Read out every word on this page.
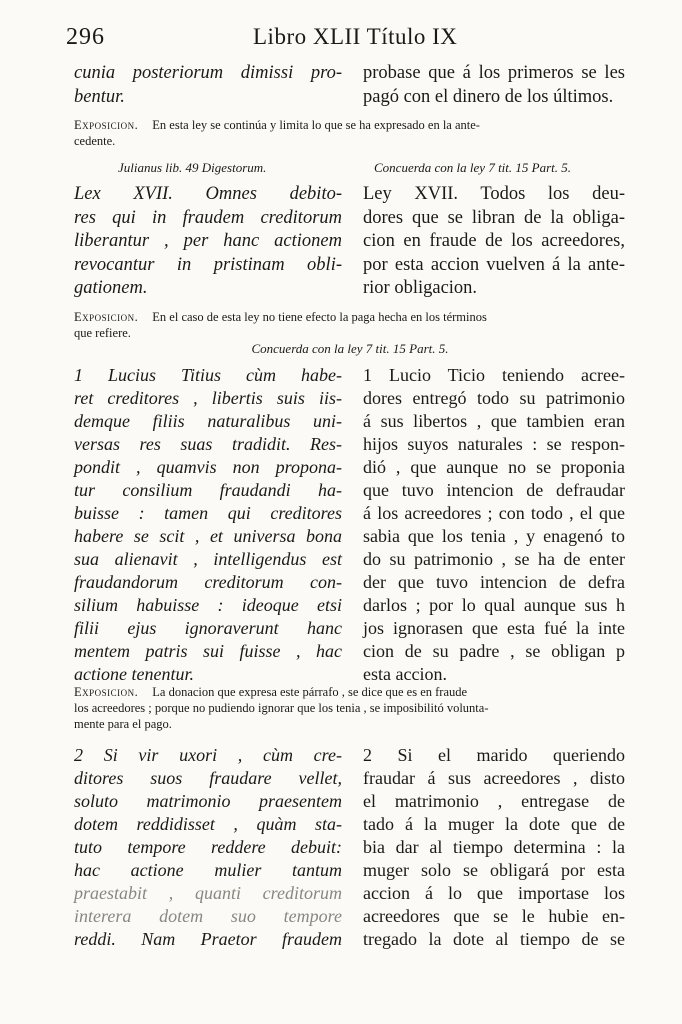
296	Libro XLII Título IX
cunia posteriorum dimissi pro-
bentur.
probase que á los primeros se les
pagó con el dinero de los últimos.
Exposicion. En esta ley se continúa y limita lo que se ha expresado en la ante-
cedente.
Julianus lib. 49 Digestorum.	Concuerda con la ley 7 tit. 15 Part. 5.
Lex XVII. Omnes debito-
res qui in fraudem creditorum
liberantur , per hanc actionem
revocantur in pristinam obli-
gationem.
Ley XVII. Todos los deu-
dores que se libran de la obliga-
cion en fraude de los acreedores,
por esta accion vuelven á la ante-
rior obligacion.
Exposicion. En el caso de esta ley no tiene efecto la paga hecha en los términos
que refiere.
Concuerda con la ley 7 tit. 15 Part. 5.
1 Lucius Titius cùm habe-
ret creditores , libertis suis iis-
demque filiis naturalibus uni-
versas res suas tradidit. Res-
pondit , quamvis non propona-
tur consilium fraudandi ha-
buisse : tamen qui creditores
habere se scit , et universa bona
sua alienavit , intelligendus est
fraudandorum creditorum con-
silium habuisse : ideoque etsi
filii ejus ignoraverunt hanc
mentem patris sui fuisse , hac
actione tenentur.
1 Lucio Ticio teniendo acree-
dores entregó todo su patrimonio
á sus libertos , que tambien eran
hijos suyos naturales : se respon-
dió , que aunque no se proponia
que tuvo intencion de defraudar
á los acreedores ; con todo , el que
sabia que los tenia , y enagenó to
do su patrimonio , se ha de enter
der que tuvo intencion de defra
darlos ; por lo qual aunque sus h
jos ignorasen que esta fué la inte
cion de su padre , se obligan p
esta accion.
Exposicion. La donacion que expresa este párrafo , se dice que es en fraude
los acreedores ; porque no pudiendo ignorar que los tenia , se imposibilitó volunta-
mente para el pago.
2 Si vir uxori , cùm cre-
ditores suos fraudare vellet,
soluto matrimonio praesentem
dotem reddidisset , quàm sta-
tuto tempore reddere debuit:
hac actione mulier tantum
praestabit , quanti creditorum
interera dotem suo tempore
reddi. Nam Praetor fraudem
2 Si el marido queriendo
fraudar á sus acreedores , disto
el matrimonio , entregase de
tado á la muger la dote que de
bia dar al tiempo determina : la
muger solo se obligará por esta
accion á lo que importase los
acreedores que se le hubie en-
tregado la dote al tiempo de se
